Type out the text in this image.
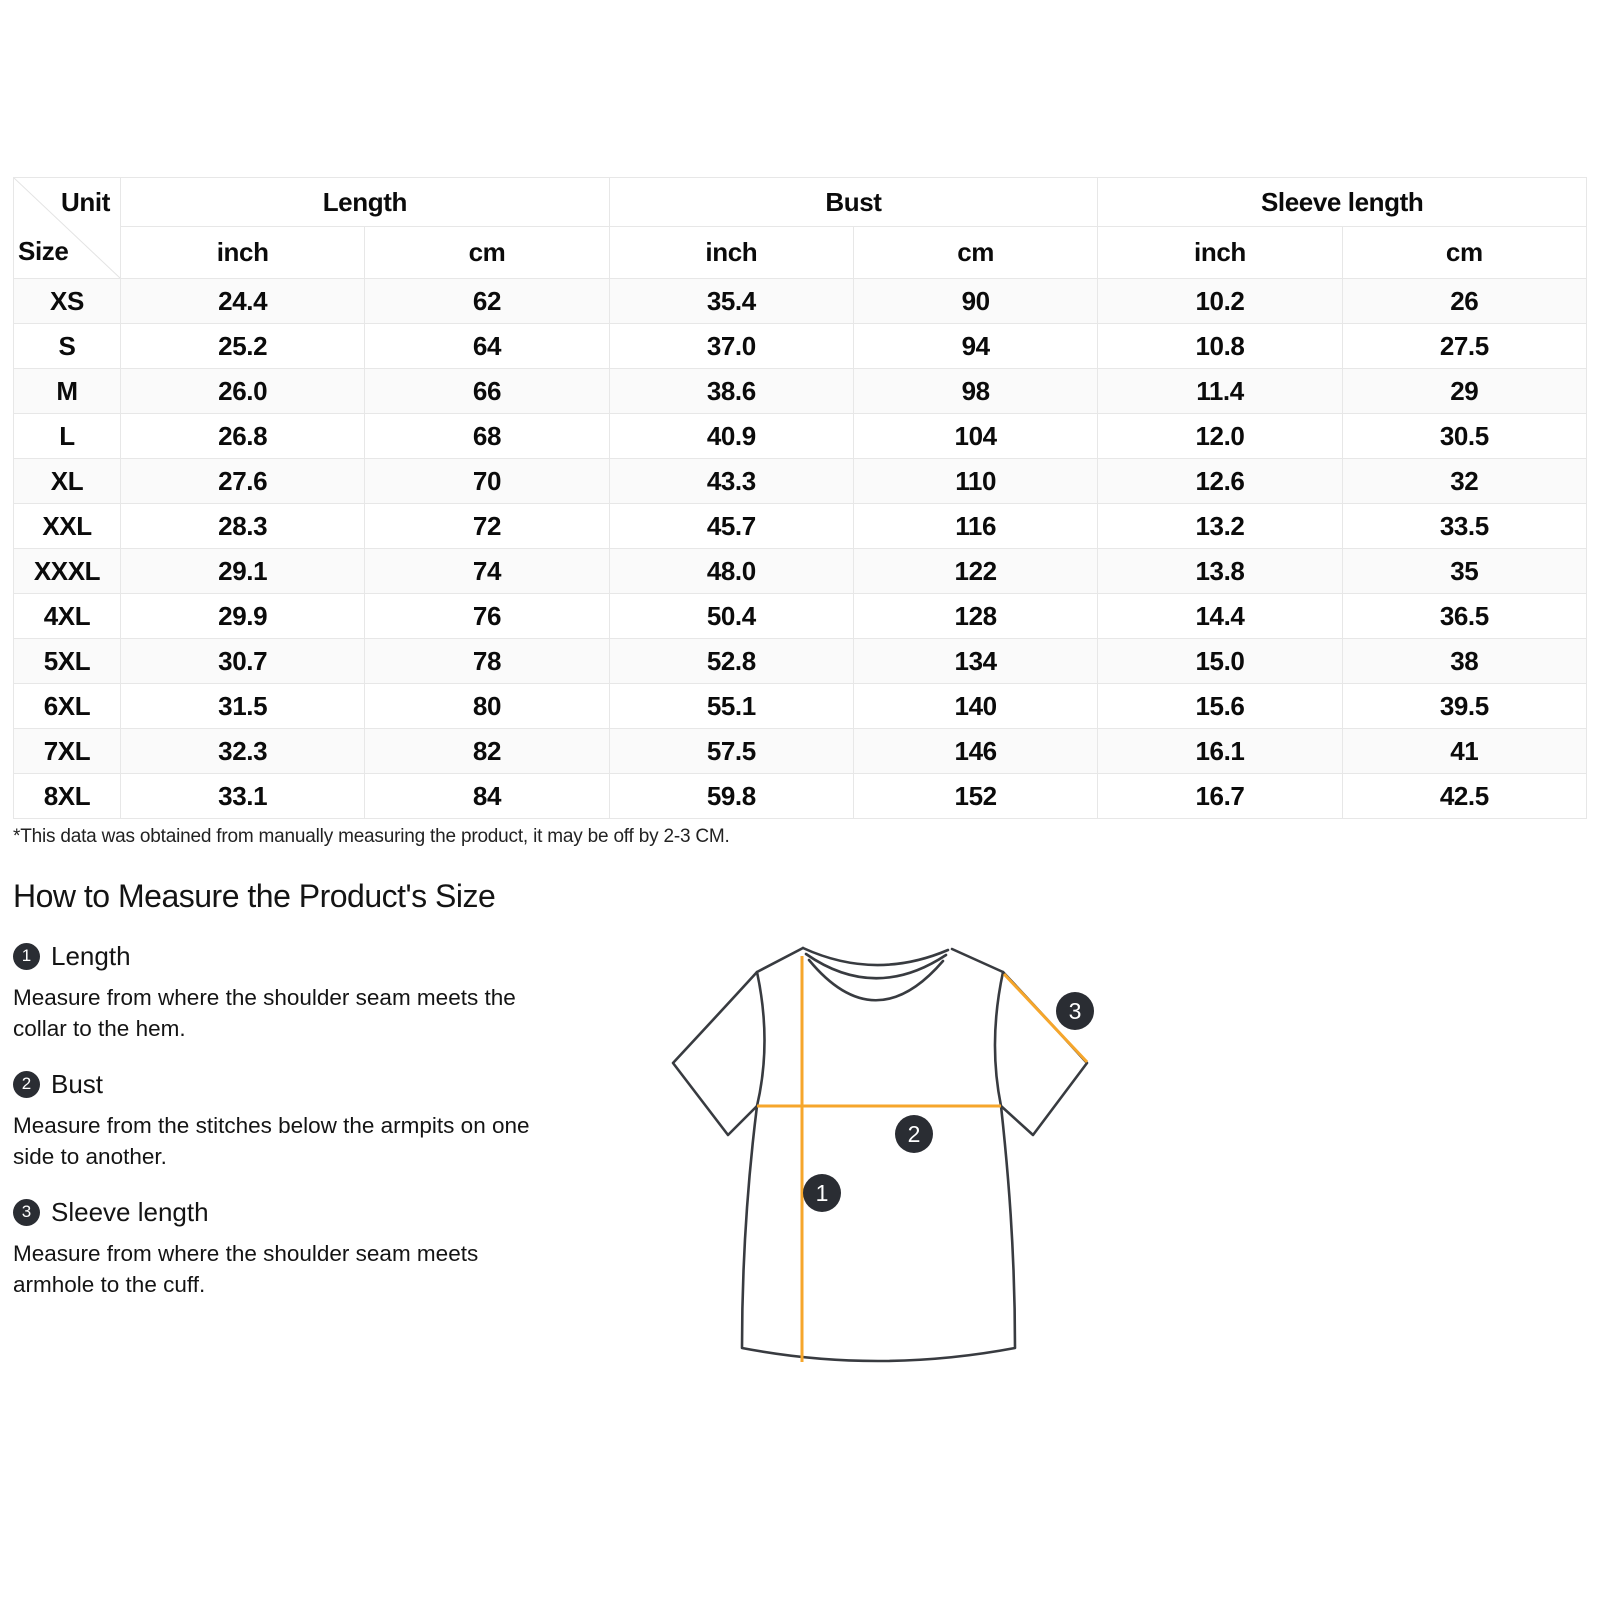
Unit
Size	Length		Bust		Sleeve length	
	inch	cm	inch	cm	inch	cm
XS	24.4	62	35.4	90	10.2	26
S	25.2	64	37.0	94	10.8	27.5
M	26.0	66	38.6	98	11.4	29
L	26.8	68	40.9	104	12.0	30.5
XL	27.6	70	43.3	110	12.6	32
XXL	28.3	72	45.7	116	13.2	33.5
XXXL	29.1	74	48.0	122	13.8	35
4XL	29.9	76	50.4	128	14.4	36.5
5XL	30.7	78	52.8	134	15.0	38
6XL	31.5	80	55.1	140	15.6	39.5
7XL	32.3	82	57.5	146	16.1	41
8XL	33.1	84	59.8	152	16.7	42.5
*This data was obtained from manually measuring the product, it may be off by 2-3 CM.
How to Measure the Product's Size
1 Length
Measure from where the shoulder seam meets the collar to the hem.
2 Bust
Measure from the stitches below the armpits on one side to another.
3 Sleeve length
Measure from where the shoulder seam meets armhole to the cuff.
1
2
3
